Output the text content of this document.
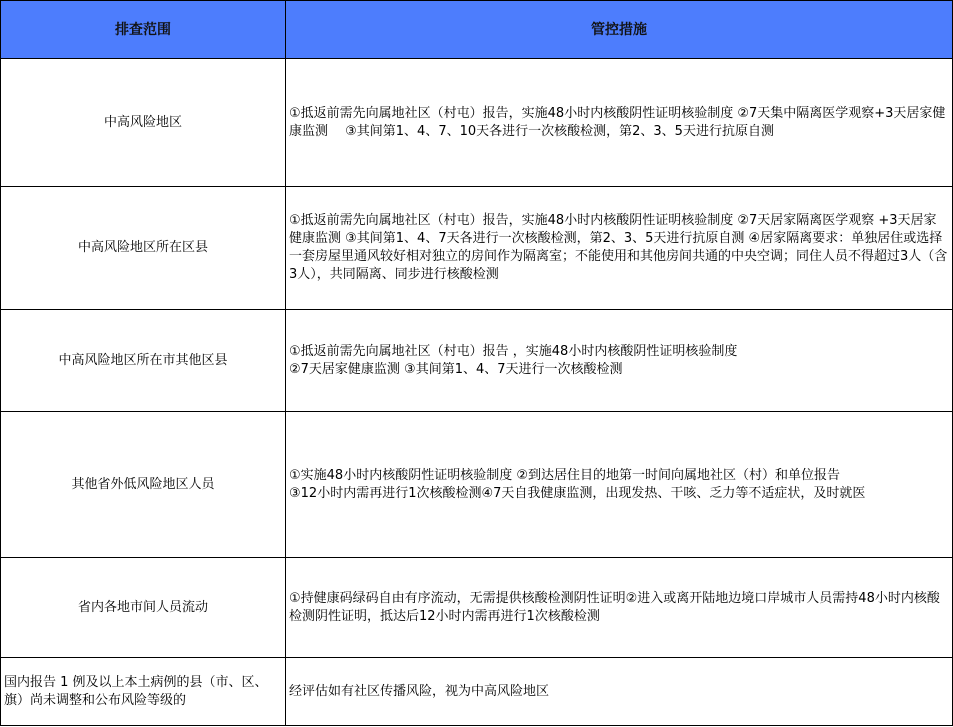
排查范围	管控措施
中高风险地区	①抵返前需先向属地社区（村屯）报告，实施48小时内核酸阴性证明核验制度 ②7天集中隔离医学观察+3天居家健康监测　 ③其间第1、4、7、10天各进行一次核酸检测，第2、3、5天进行抗原自测

中高风险地区所在区县	①抵返前需先向属地社区（村屯）报告，实施48小时内核酸阴性证明核验制度 ②7天居家隔离医学观察 +3天居家健康监测 ③其间第1、4、7天各进行一次核酸检测，第2、3、5天进行抗原自测 ④居家隔离要求：单独居住或选择一套房屋里通风较好相对独立的房间作为隔离室；不能使用和其他房间共通的中央空调；同住人员不得超过3人（含3人），共同隔离、同步进行核酸检测

中高风险地区所在市其他区县	①抵返前需先向属地社区（村屯）报告 ，实施48小时内核酸阴性证明核验制度
②7天居家健康监测 ③其间第1、4、7天进行一次核酸检测

其他省外低风险地区人员	①实施48小时内核酸阴性证明核验制度 ②到达居住目的地第一时间向属地社区（村）和单位报告
③12小时内需再进行1次核酸检测④7天自我健康监测，出现发热、干咳、乏力等不适症状，及时就医

省内各地市间人员流动	①持健康码绿码自由有序流动，无需提供核酸检测阴性证明②进入或离开陆地边境口岸城市人员需持48小时内核酸检测阴性证明，抵达后12小时内需再进行1次核酸检测

国内报告 1 例及以上本土病例的县（市、区、旗）尚未调整和公布风险等级的	经评估如有社区传播风险，视为中高风险地区
